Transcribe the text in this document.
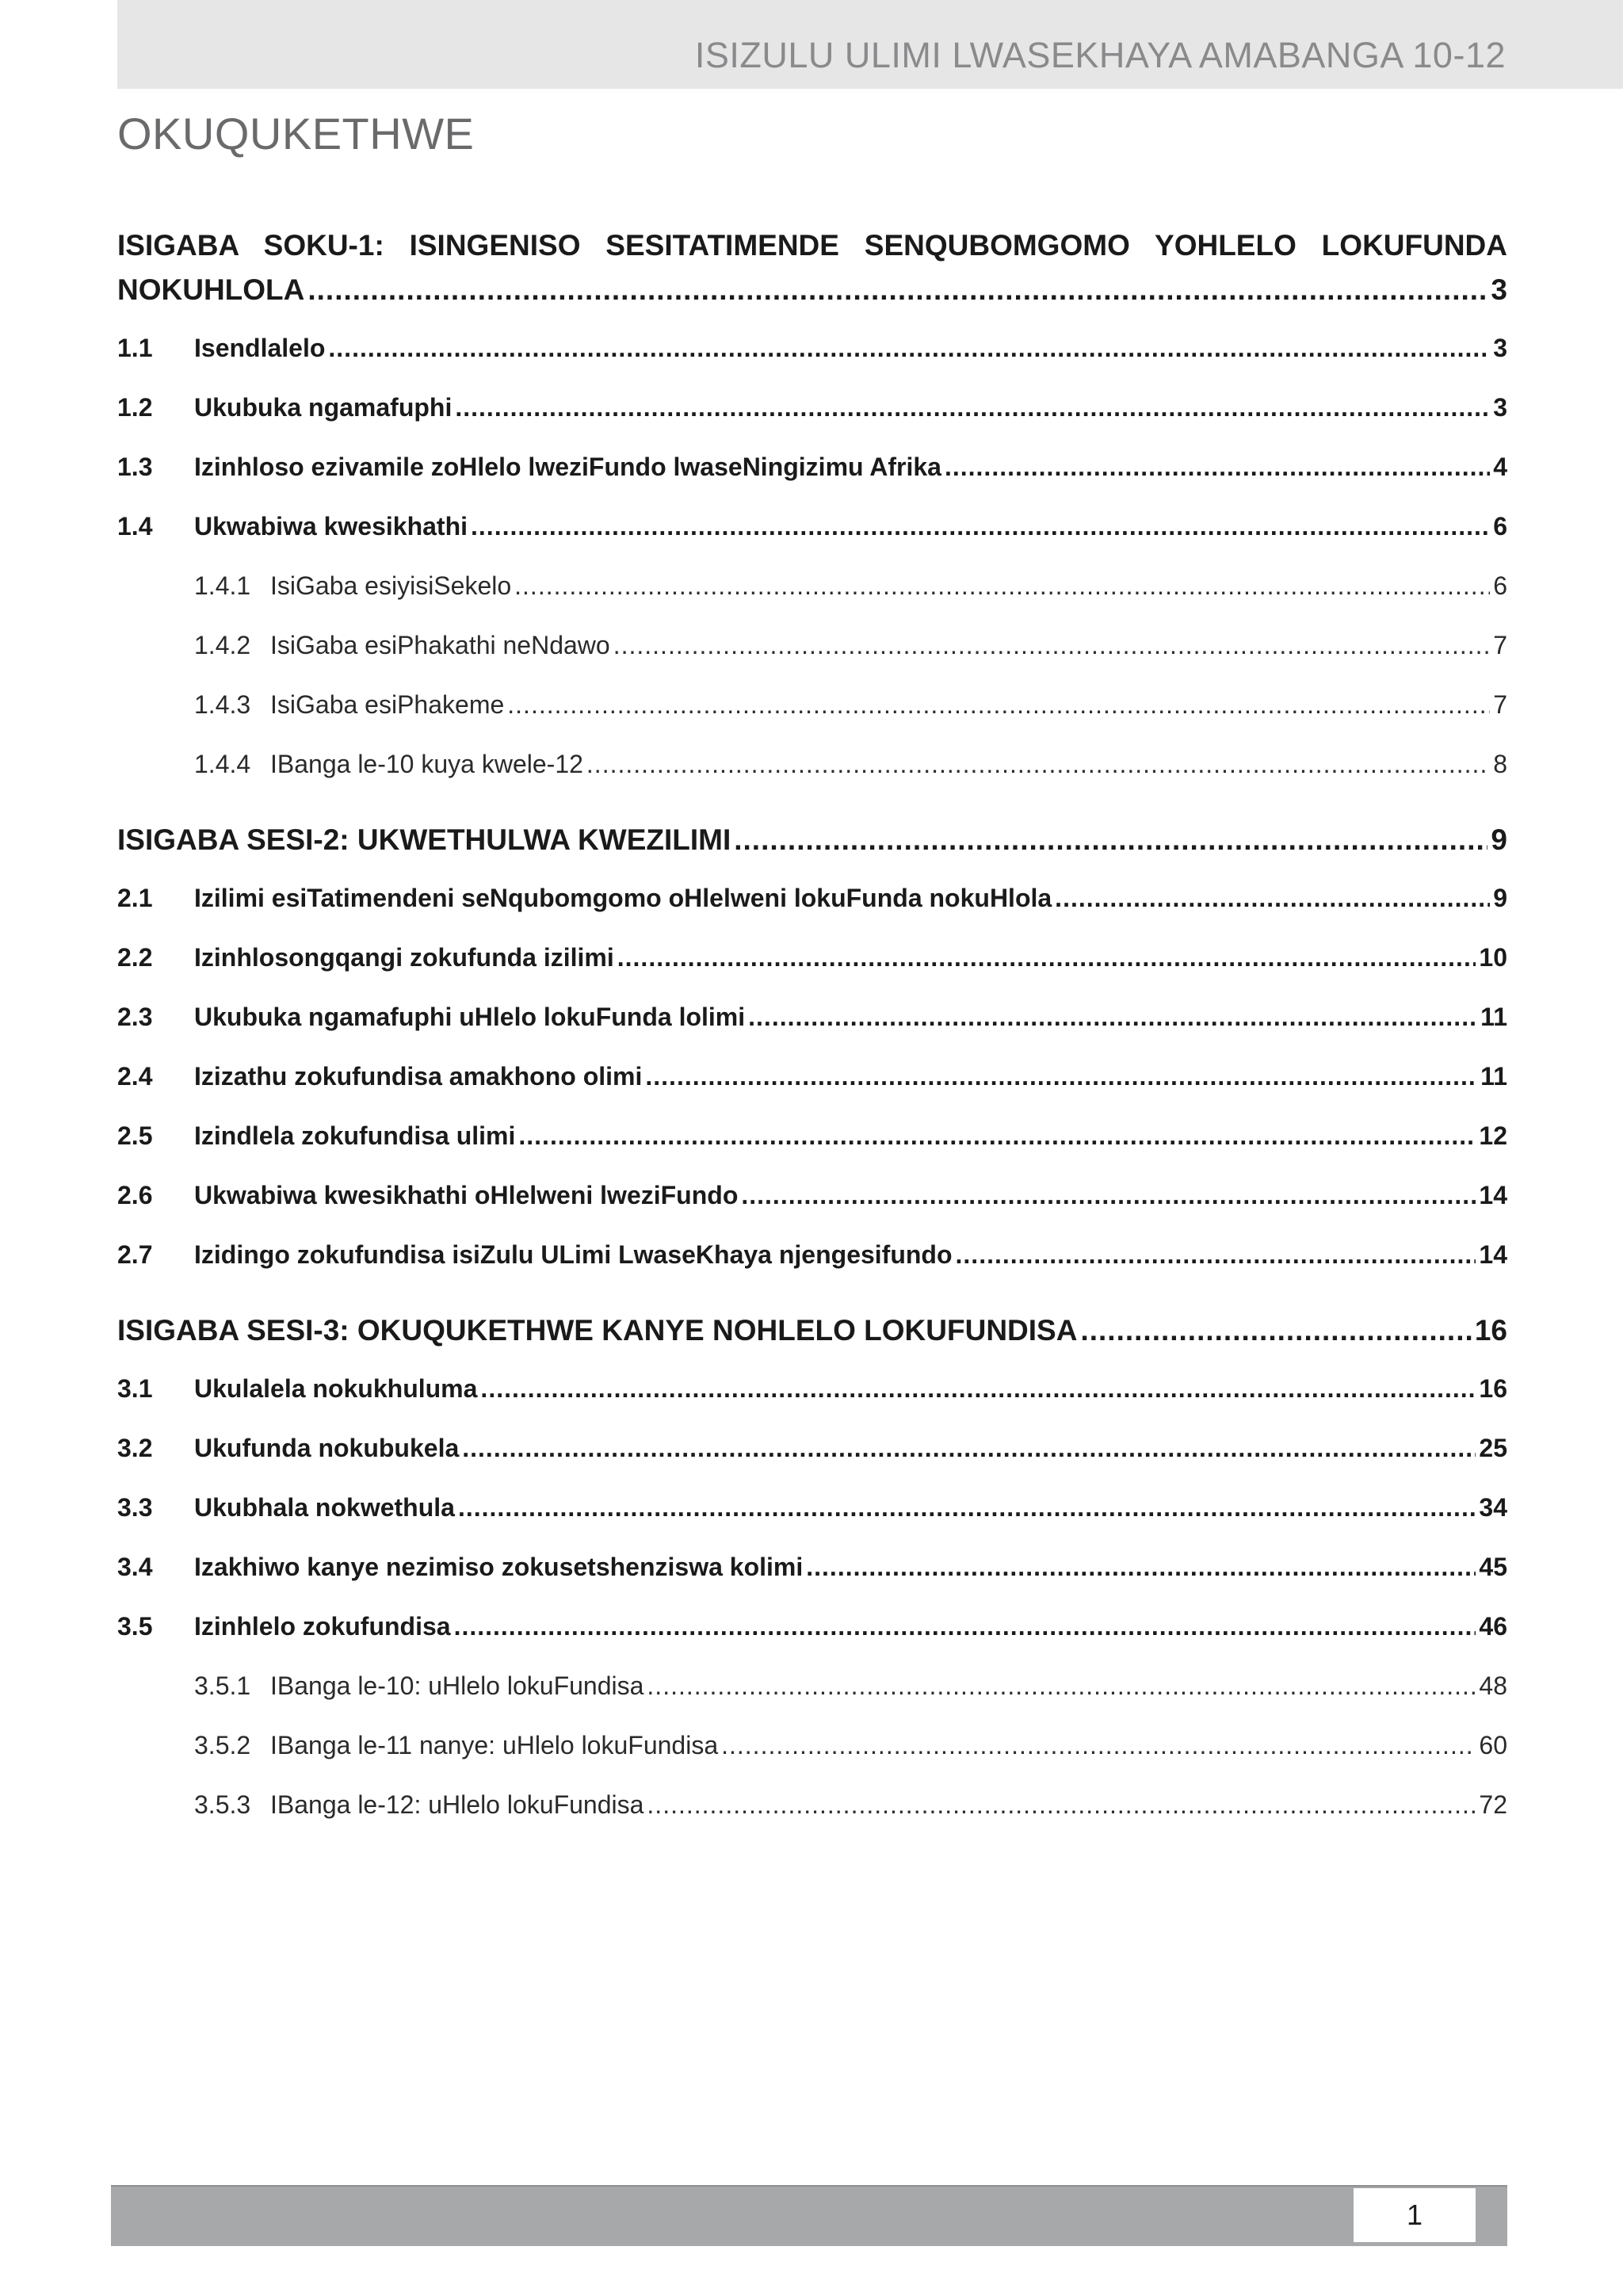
ISIZULU ULIMI LWASEKHAYA AMABANGA 10-12
OKUQUKETHWE
ISIGABA SOKU-1: ISINGENISO SESITATIMENDE SENQUBOMGOMO YOHLELO LOKUFUNDA
NOKUHLOLA .....	3
1.1	Isendlalelo .....	3
1.2	Ukubuka ngamafuphi .....	3
1.3	Izinhloso ezivamile zoHlelo lweziFundo lwaseNingizimu Afrika .....	4
1.4	Ukwabiwa kwesikhathi .....	6
1.4.1 IsiGaba esiyisiSekelo .....	6
1.4.2 IsiGaba esiPhakathi neNdawo .....	7
1.4.3 IsiGaba esiPhakeme .....	7
1.4.4 IBanga le-10 kuya kwele-12 .....	8
ISIGABA SESI-2: UKWETHULWA KWEZILIMI .....	9
2.1	Izilimi esiTatimendeni seNqubomgomo oHlelweni lokuFunda nokuHlola .....	9
2.2	Izinhlosongqangi zokufunda izilimi .....	10
2.3	Ukubuka ngamafuphi uHlelo lokuFunda lolimi .....	11
2.4	Izizathu zokufundisa amakhono olimi .....	11
2.5	Izindlela zokufundisa ulimi .....	12
2.6	Ukwabiwa kwesikhathi oHlelweni lweziFundo .....	14
2.7	Izidingo zokufundisa isiZulu ULimi LwaseKhaya njengesifundo .....	14
ISIGABA SESI-3: OKUQUKETHWE KANYE NOHLELO LOKUFUNDISA .....	16
3.1	Ukulalela nokukhuluma .....	16
3.2	Ukufunda nokubukela .....	25
3.3	Ukubhala nokwethula .....	34
3.4	Izakhiwo kanye nezimiso zokusetshenziswa kolimi .....	45
3.5	Izinhlelo zokufundisa .....	46
3.5.1 IBanga le-10: uHlelo lokuFundisa .....	48
3.5.2 IBanga le-11 nanye: uHlelo lokuFundisa .....	60
3.5.3 IBanga le-12: uHlelo lokuFundisa .....	72
1
